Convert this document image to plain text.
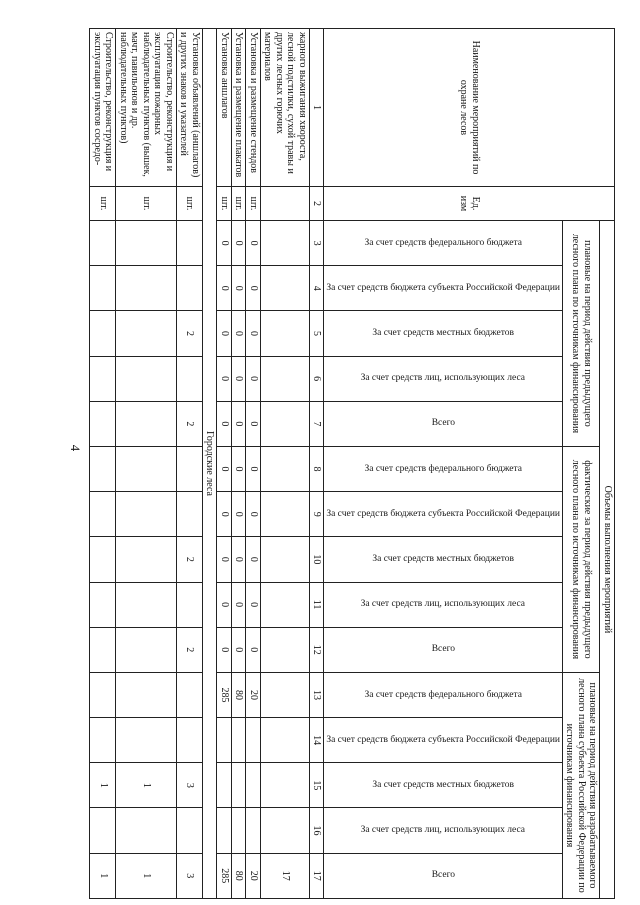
4
Наименование мероприятий по охране лесов	Ед. изм	Объемы выполнения мероприятий														
		плановые на период действия предыдущего лесного плана по источникам финансирования					фактические за период действия предыдущего лесного плана по источникам финансирования					плановые на период действия разрабатываемого лесного плана субъекта Российской Федерации по источникам финансирования				

		За счет средств федерального бюджета	За счет средств бюджета субъекта Российской Федерации	За счет средств местных бюджетов	За счет средств лиц, использующих леса	Всего	За счет средств федерального бюджета	За счет средств бюджета субъекта Российской Федерации	За счет средств местных бюджетов	За счет средств лиц, использующих леса	Всего	За счет средств федерального бюджета	За счет средств бюджета субъекта Российской Федерации	За счет средств местных бюджетов	За счет средств лиц, использующих леса	Всего

1	2	3	4	5	6	7	8	9	10	11	12	13	14	15	16	17
жарного выжигания хвороста, лесной подстилки, сухой травы и других лесных горючих материалов																17
Установка и размещение стендов	шт.	0	0	0	0	0	0	0	0	0	0	20				20
Установка и размещение плакатов	шт.	0	0	0	0	0	0	0	0	0	0	80				80
Установка аншлагов	шт.	0	0	0	0	0	0	0	0	0	0	285				285
Городские леса																
Установка объявлений (аншлагов) и других знаков и указателей	шт.			2		2			2		2			3		3
Строительство, реконструкция и эксплуатация пожарных наблюдательных пунктов (вышек, мачт, павильонов и др. наблюдательных пунктов)	шт.													1		1
Строительство, реконструкция и эксплуатация пунктов сосредо-	шт.													1		1
